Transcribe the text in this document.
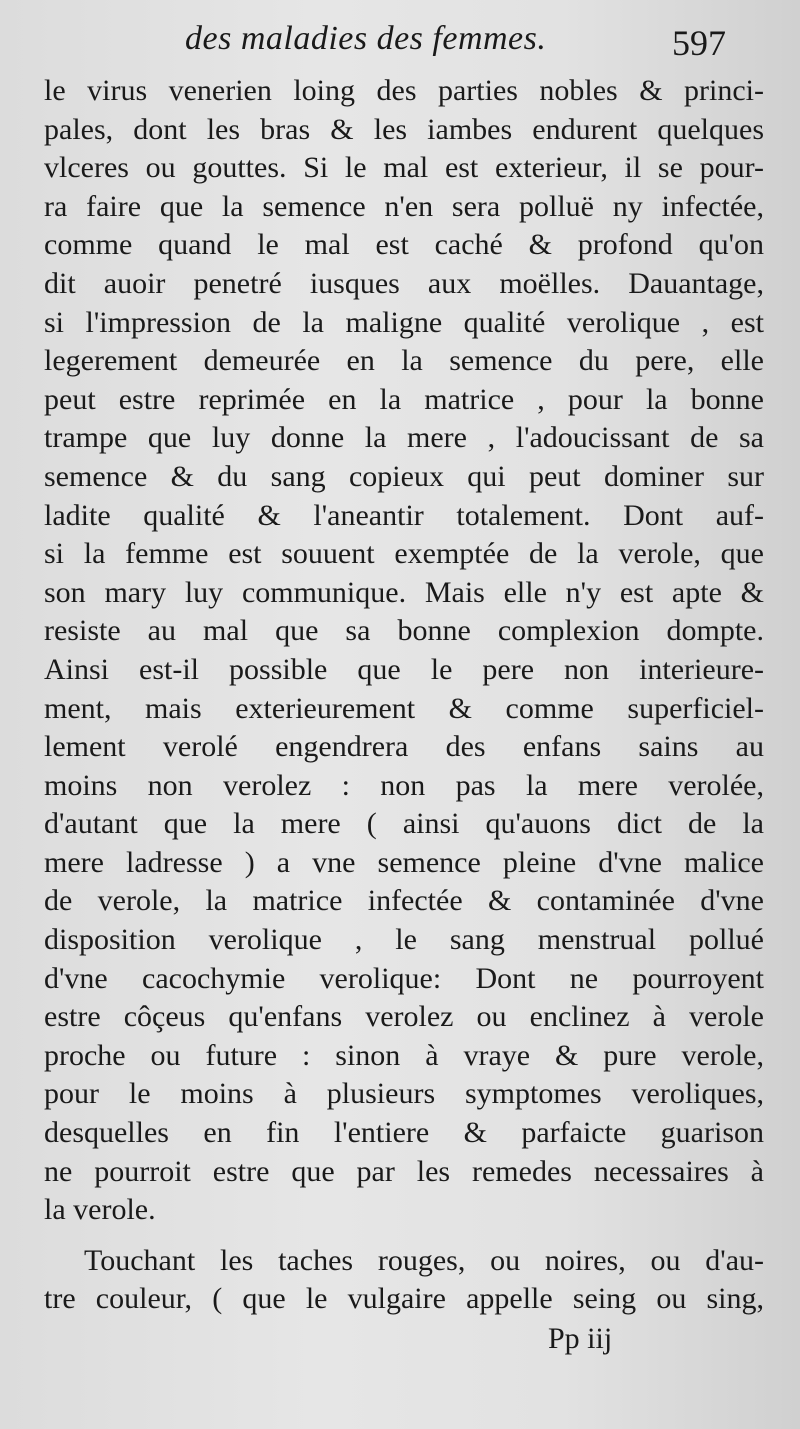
des maladies des femmes.	597
le virus venerien loing des parties nobles & princi-
pales, dont les bras & les iambes endurent quelques
vlceres ou gouttes. Si le mal est exterieur, il se pour-
ra faire que la semence n'en sera polluë ny infectée,
comme quand le mal est caché & profond qu'on
dit auoir penetré iusques aux moëlles. Dauantage,
si l'impression de la maligne qualité verolique , est
legerement demeurée en la semence du pere, elle
peut estre reprimée en la matrice , pour la bonne
trampe que luy donne la mere , l'adoucissant de sa
semence & du sang copieux qui peut dominer sur
ladite qualité & l'aneantir totalement. Dont auf-
si la femme est souuent exemptée de la verole, que
son mary luy communique. Mais elle n'y est apte &
resiste au mal que sa bonne complexion dompte.
Ainsi est-il possible que le pere non interieure-
ment, mais exterieurement & comme superficiel-
lement verolé engendrera des enfans sains au
moins non verolez : non pas la mere verolée,
d'autant que la mere ( ainsi qu'auons dict de la
mere ladresse ) a vne semence pleine d'vne malice
de verole, la matrice infectée & contaminée d'vne
disposition verolique , le sang menstrual pollué
d'vne cacochymie verolique: Dont ne pourroyent
estre côçeus qu'enfans verolez ou enclinez à verole
proche ou future : sinon à vraye & pure verole,
pour le moins à plusieurs symptomes veroliques,
desquelles en fin l'entiere & parfaicte guarison
ne pourroit estre que par les remedes necessaires à
la verole.
Touchant les taches rouges, ou noires, ou d'au-
tre couleur, ( que le vulgaire appelle seing ou sing,
Pp iij
